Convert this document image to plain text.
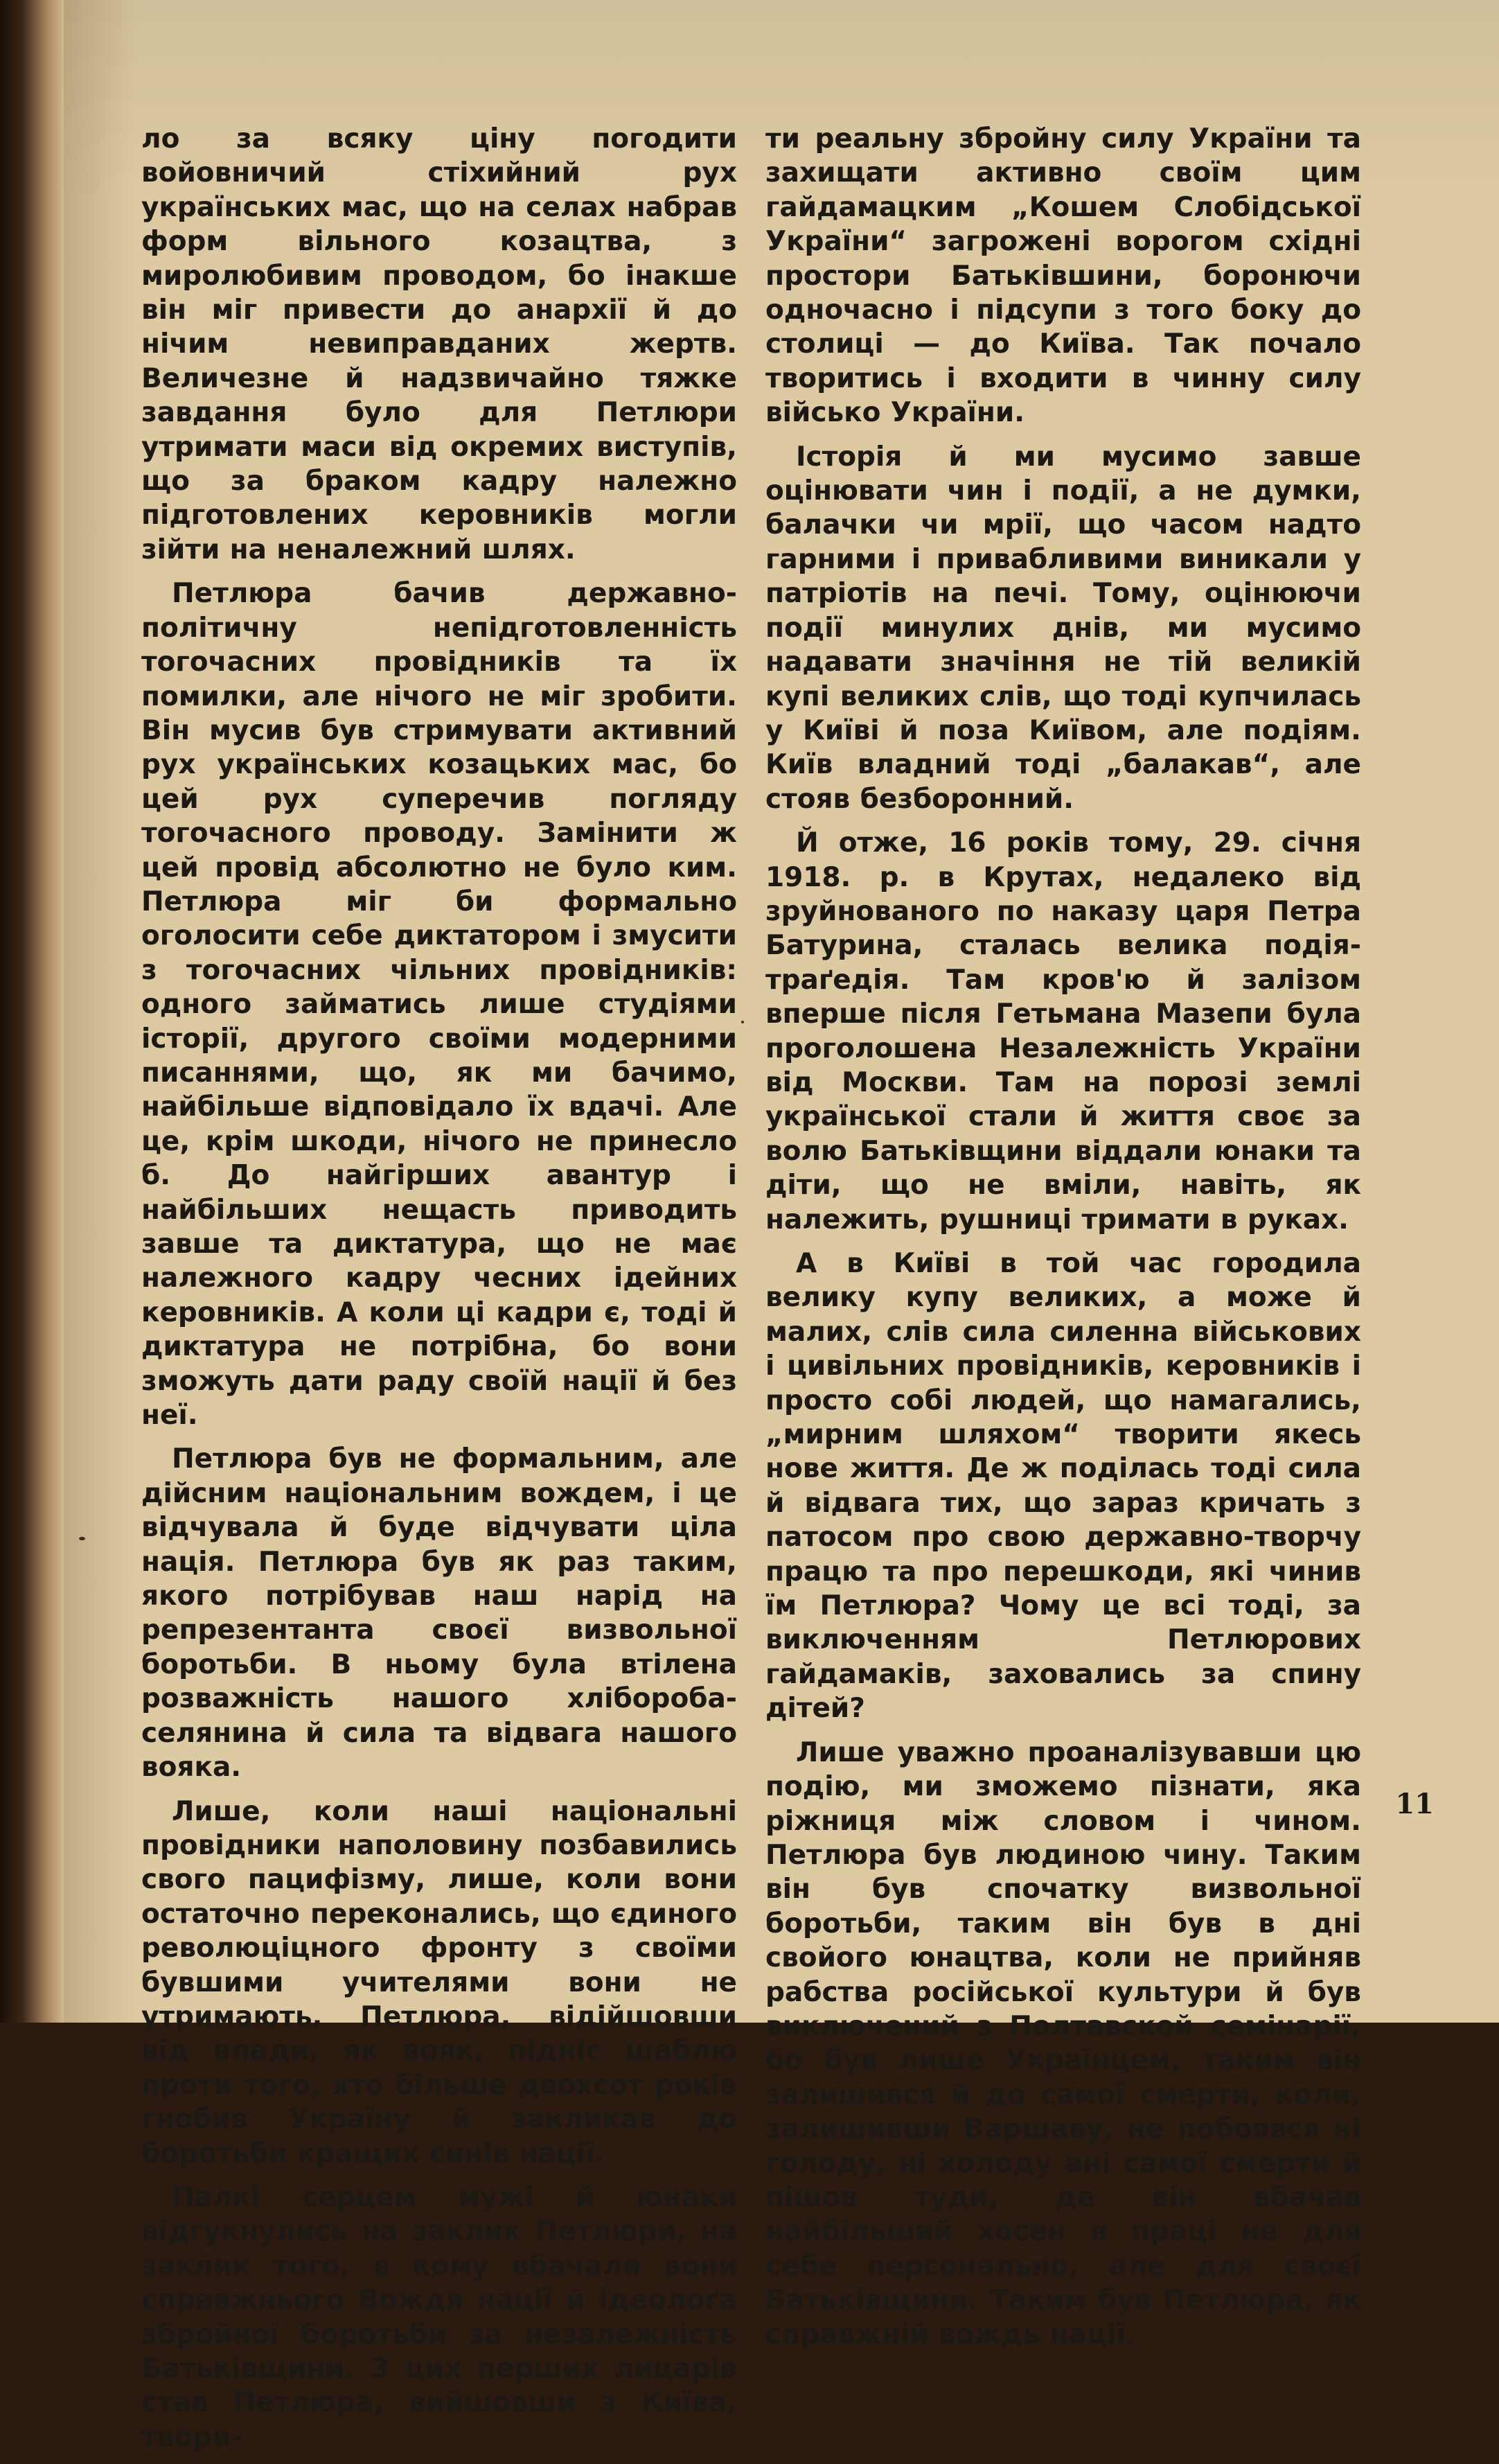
ло за всяку ціну погодити войовничий стіхийний рух українських мас, що на селах набрав форм вільного козацтва, з миролюбивим проводом, бо інакше він міг привести до анархії й до нічим невиправданих жертв. Величезне й надзвичайно тяжке завдання було для Петлюри утримати маси від окремих виступів, що за браком кадру належно підготовлених керовників могли зійти на неналежний шлях.

Петлюра бачив державно-політичну непідготовленність тогочасних провідників та їх помилки, але нічого не міг зробити. Він мусив був стримувати активний рух українських козацьких мас, бо цей рух суперечив погляду тогочасного проводу. Замінити ж цей провід абсолютно не було ким. Петлюра міг би формально оголосити себе диктатором і змусити з тогочасних чільних провідників: одного займатись лише студіями історії, другого своїми модерними писаннями, що, як ми бачимо, найбільше відповідало їх вдачі. Але це, крім шкоди, нічого не принесло б. До найгірших авантур і найбільших нещасть приводить завше та диктатура, що не має належного кадру чесних ідейних керовників. А коли ці кадри є, тоді й диктатура не потрібна, бо вони зможуть дати раду своїй нації й без неї.

Петлюра був не формальним, але дійсним національним вождем, і це відчувала й буде відчувати ціла нація. Петлюра був як раз таким, якого потрібував наш нарід на репрезентанта своєї визвольної боротьби. В ньому була втілена розважність нашого хлібороба-селянина й сила та відвага нашого вояка.

Лише, коли наші національні провідники наполовину позбавились свого пацифізму, лише, коли вони остаточно переконались, що єдиного революціцного фронту з своїми бувшими учителями вони не утримають, Петлюра, відійшовши від влади, як вояк, підніс шаблю проти того, хто більше двохсот років гнобив Україну й закликав до боротьби кращих синів нації.

Палкі серцем мужі й юнаки відгукнулись на заклик Петлюри, на заклик того, в кому вбачали вони справжнього Вождя нації й ідеолоґа збройної боротьби за незалежність Батьківщини. З цих перших лицарів став Петлюра, вийшовши з Київа, твори-

ти реальну збройну силу України та захищати активно своїм цим гайдамацким „Кошем Слобідської України“ загрожені ворогом східні простори Батьківшини, боронючи одночасно і підсупи з того боку до столиці — до Київа. Так почало творитись і входити в чинну силу військо України.

Історія й ми мусимо завше оцінювати чин і події, а не думки, балачки чи мрії, що часом надто гарними і привабливими виникали у патріотів на печі. Тому, оцінюючи події минулих днів, ми мусимо надавати значіння не тій великій купі великих слів, що тоді купчилась у Київі й поза Київом, але подіям. Київ владний тоді „балакав“, але стояв безборонний.

Й отже, 16 років тому, 29. січня 1918. р. в Крутах, недалеко від зруйнованого по наказу царя Петра Батурина, сталась велика подія-траґедія. Там кров'ю й залізом вперше після Гетьмана Мазепи була проголошена Незалежність України від Москви. Там на порозі землі української стали й життя своє за волю Батьківщини віддали юнаки та діти, що не вміли, навіть, як належить, рушниці тримати в руках.

А в Київі в той час городила велику купу великих, а може й малих, слів сила силенна військових і цивільних провідників, керовників і просто собі людей, що намагались, „мирним шляхом“ творити якесь нове життя. Де ж поділась тоді сила й відвага тих, що зараз кричать з патосом про свою державно-творчу працю та про перешкоди, які чинив їм Петлюра? Чому це всі тоді, за виключенням Петлюрових гайдамаків, заховались за спину дітей?

Лише уважно проаналізувавши цю подію, ми зможемо пізнати, яка ріжниця між словом і чином. Петлюра був людиною чину. Таким він був спочатку визвольної боротьби, таким він був в дні свойого юнацтва, коли не прийняв рабства російської культури й був виключений з Полтавской семінарії, бо був лише Українцем, таким він залишився й до самої смерти, коли, залишивши Варшаву, не побоявся ні голоду, ні холоду ані самої смерти й пішов туди, де він вбачав найбільший хосен в праці не для себе персонально, але для своєї Батьківщини. Таким був Петлюра, як справжній вождь нації.

11
